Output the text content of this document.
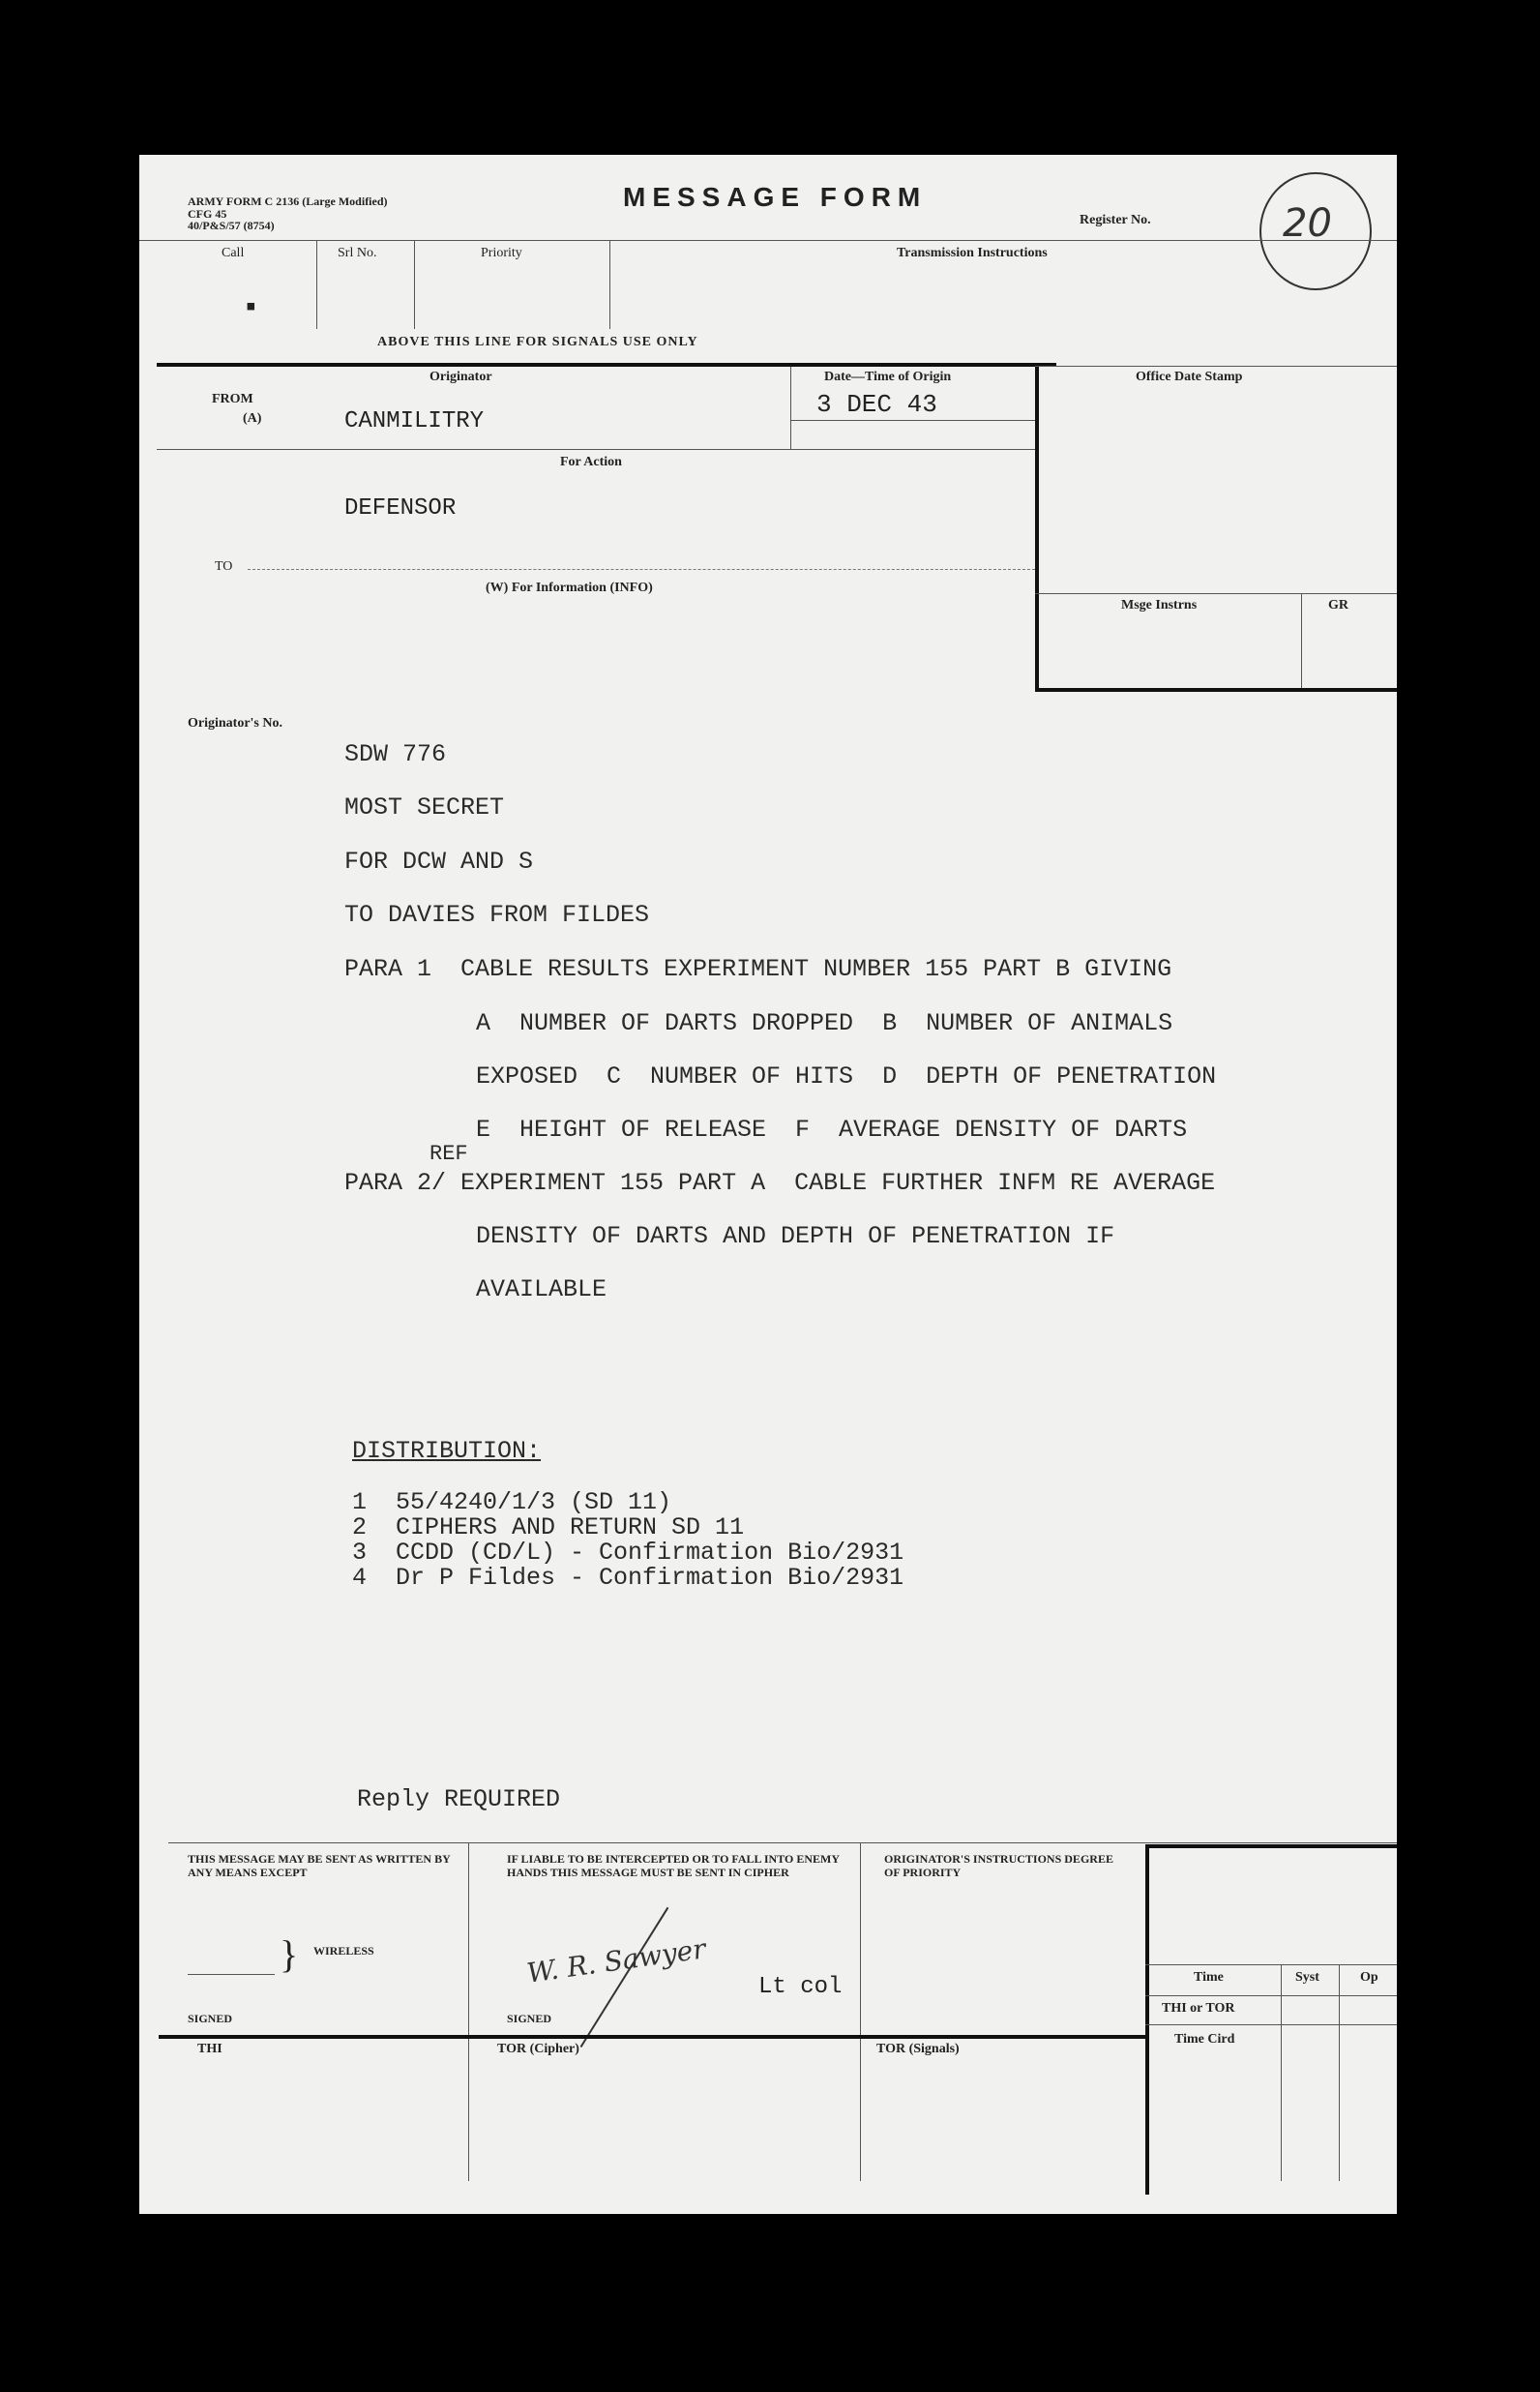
ARMY FORM C 2136 (Large Modified)
CFG 45
40/P&S/57 (8754)
MESSAGE FORM
Register No.	20
Call	Srl No.	Priority	Transmission Instructions
▪
ABOVE THIS LINE FOR SIGNALS USE ONLY
FROM
(A)
Originator
CANMILITRY
Date—Time of Origin
3 DEC 43
Office Date Stamp
For Action
DEFENSOR
TO
(W) For Information (INFO)
Msge Instrns	GR
Originator's No.
SDW 776
MOST SECRET
FOR DCW AND S
TO DAVIES FROM FILDES
PARA 1  CABLE RESULTS EXPERIMENT NUMBER 155 PART B GIVING
A  NUMBER OF DARTS DROPPED  B  NUMBER OF ANIMALS
EXPOSED  C  NUMBER OF HITS  D  DEPTH OF PENETRATION
E  HEIGHT OF RELEASE  F  AVERAGE DENSITY OF DARTS
REF
PARA 2/ EXPERIMENT 155 PART A  CABLE FURTHER INFM RE AVERAGE
DENSITY OF DARTS AND DEPTH OF PENETRATION IF
AVAILABLE
DISTRIBUTION:
1  55/4240/1/3 (SD 11)
2  CIPHERS AND RETURN SD 11
3  CCDD (CD/L) - Confirmation Bio/2931
4  Dr P Fildes - Confirmation Bio/2931
Reply REQUIRED
THIS MESSAGE MAY BE SENT AS WRITTEN BY ANY MEANS EXCEPT
} WIRELESS
SIGNED
IF LIABLE TO BE INTERCEPTED OR TO FALL INTO ENEMY HANDS THIS MESSAGE MUST BE SENT IN CIPHER
W. R. Sawyer Lt col
SIGNED
ORIGINATOR'S INSTRUCTIONS DEGREE OF PRIORITY
Time	Syst	Op
THI or TOR
THI	TOR (Cipher)	TOR (Signals)
Time Cird
